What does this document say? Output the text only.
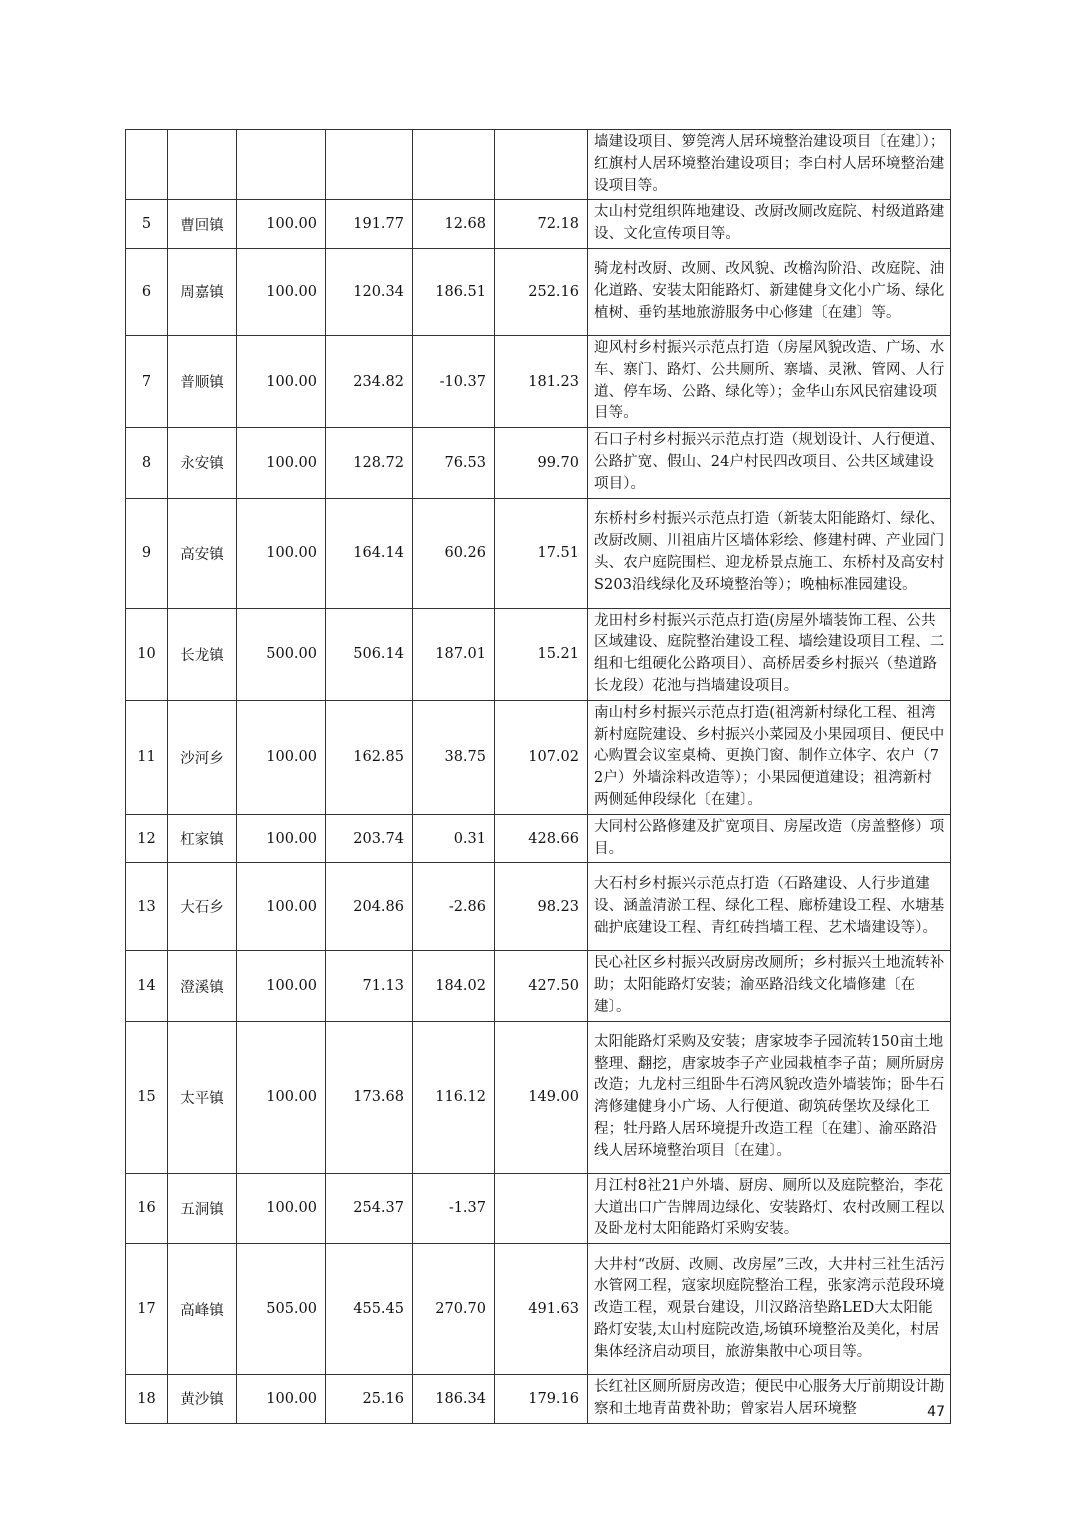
						墙建设项目、箩筦湾人居环境整治建设项目〔在建〕）；红旗村人居环境整治建设项目；李白村人居环境整治建设项目等。
5	曹回镇	100.00	191.77	12.68	72.18	太山村党组织阵地建设、改厨改厕改庭院、村级道路建设、文化宣传项目等。
6	周嘉镇	100.00	120.34	186.51	252.16	骑龙村改厨、改厕、改风貌、改檐沟阶沿、改庭院、油化道路、安装太阳能路灯、新建健身文化小广场、绿化植树、垂钓基地旅游服务中心修建〔在建〕等。
7	普顺镇	100.00	234.82	-10.37	181.23	迎风村乡村振兴示范点打造（房屋风貌改造、广场、水车、寨门、路灯、公共厕所、寨墙、灵湫、管网、人行道、停车场、公路、绿化等）；金华山东风民宿建设项目等。
8	永安镇	100.00	128.72	76.53	99.70	石口子村乡村振兴示范点打造（规划设计、人行便道、公路扩宽、假山、24户村民四改项目、公共区域建设项目）。
9	高安镇	100.00	164.14	60.26	17.51	东桥村乡村振兴示范点打造（新装太阳能路灯、绿化、改厨改厕、川祖庙片区墙体彩绘、修建村碑、产业园门头、农户庭院围栏、迎龙桥景点施工、东桥村及高安村S203沿线绿化及环境整治等）；晚柚标准园建设。
10	长龙镇	500.00	506.14	187.01	15.21	龙田村乡村振兴示范点打造(房屋外墙装饰工程、公共区域建设、庭院整治建设工程、墙绘建设项目工程、二组和七组硬化公路项目）、高桥居委乡村振兴（垫道路长龙段）花池与挡墙建设项目。
11	沙河乡	100.00	162.85	38.75	107.02	南山村乡村振兴示范点打造(祖湾新村绿化工程、祖湾新村庭院建设、乡村振兴小菜园及小果园项目、便民中心购置会议室桌椅、更换门窗、制作立体字、农户（72户）外墙涂料改造等）；小果园便道建设；祖湾新村两侧延伸段绿化〔在建〕。
12	杠家镇	100.00	203.74	0.31	428.66	大同村公路修建及扩宽项目、房屋改造（房盖整修）项目。
13	大石乡	100.00	204.86	-2.86	98.23	大石村乡村振兴示范点打造（石路建设、人行步道建设、涵盖清淤工程、绿化工程、廊桥建设工程、水塘基础护底建设工程、青红砖挡墙工程、艺术墙建设等）。
14	澄溪镇	100.00	71.13	184.02	427.50	民心社区乡村振兴改厨房改厕所；乡村振兴土地流转补助；太阳能路灯安装；渝巫路沿线文化墙修建〔在建〕。
15	太平镇	100.00	173.68	116.12	149.00	太阳能路灯采购及安装；唐家坡李子园流转150亩土地整理、翻挖，唐家坡李子产业园栽植李子苗；厕所厨房改造；九龙村三组卧牛石湾风貌改造外墙装饰；卧牛石湾修建健身小广场、人行便道、砌筑砖堡坎及绿化工程；牡丹路人居环境提升改造工程〔在建〕、渝巫路沿线人居环境整治项目〔在建〕。
16	五洞镇	100.00	254.37	-1.37		月江村8社21户外墙、厨房、厕所以及庭院整治，李花大道出口广告牌周边绿化、安装路灯、农村改厕工程以及卧龙村太阳能路灯采购安装。
17	高峰镇	505.00	455.45	270.70	491.63	大井村“改厨、改厕、改房屋”三改，大井村三社生活污水管网工程，寇家坝庭院整治工程，张家湾示范段环境改造工程，观景台建设，川汉路涪垫路LED大太阳能路灯安装,太山村庭院改造,场镇环境整治及美化，村居集体经济启动项目，旅游集散中心项目等。
18	黄沙镇	100.00	25.16	186.34	179.16	长红社区厕所厨房改造；便民中心服务大厅前期设计勘察和土地青苗费补助；曾家岩人居环境整	47
